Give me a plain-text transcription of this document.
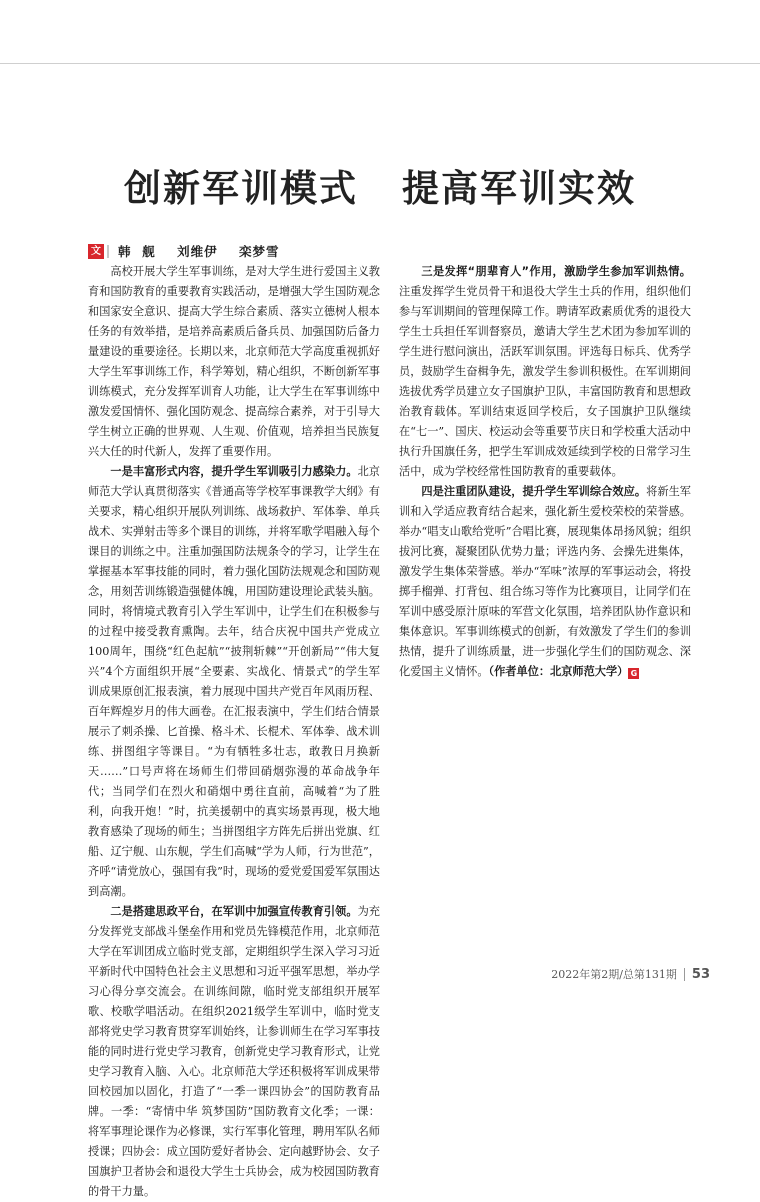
创新军训模式 提高军训实效
文 韩  舰    刘维伊    栾梦雪

高校开展大学生军事训练，是对大学生进行爱国主义教育和国防教育的重要教育实践活动，是增强大学生国防观念和国家安全意识、提高大学生综合素质、落实立德树人根本任务的有效举措，是培养高素质后备兵员、加强国防后备力量建设的重要途径。长期以来，北京师范大学高度重视抓好大学生军事训练工作，科学筹划，精心组织，不断创新军事训练模式，充分发挥军训育人功能，让大学生在军事训练中激发爱国情怀、强化国防观念、提高综合素养，对于引导大学生树立正确的世界观、人生观、价值观，培养担当民族复兴大任的时代新人，发挥了重要作用。

一是丰富形式内容，提升学生军训吸引力感染力。北京师范大学认真贯彻落实《普通高等学校军事课教学大纲》有关要求，精心组织开展队列训练、战场救护、军体拳、单兵战术、实弹射击等多个课目的训练，并将军歌学唱融入每个课目的训练之中。注重加强国防法规条令的学习，让学生在掌握基本军事技能的同时，着力强化国防法规观念和国防观念，用刻苦训练锻造强健体魄，用国防建设理论武装头脑。同时，将情境式教育引入学生军训中，让学生们在积极参与的过程中接受教育熏陶。去年，结合庆祝中国共产党成立100周年，围绕“红色起航”“披荆斩棘”“开创新局”“伟大复兴”4个方面组织开展“全要素、实战化、情景式”的学生军训成果原创汇报表演，着力展现中国共产党百年风雨历程、百年辉煌岁月的伟大画卷。在汇报表演中，学生们结合情景展示了刺杀操、匕首操、格斗术、长棍术、军体拳、战术训练、拼图组字等课目。“为有牺牲多壮志，敢教日月换新天……”口号声将在场师生们带回硝烟弥漫的革命战争年代；当同学们在烈火和硝烟中勇往直前，高喊着“为了胜利，向我开炮！”时，抗美援朝中的真实场景再现，极大地教育感染了现场的师生；当拼图组字方阵先后拼出党旗、红船、辽宁舰、山东舰，学生们高喊“学为人师，行为世范”，齐呼“请党放心，强国有我”时，现场的爱党爱国爱军氛围达到高潮。

二是搭建思政平台，在军训中加强宣传教育引领。为充分发挥党支部战斗堡垒作用和党员先锋模范作用，北京师范大学在军训团成立临时党支部，定期组织学生深入学习习近平新时代中国特色社会主义思想和习近平强军思想，举办学习心得分享交流会。在训练间隙，临时党支部组织开展军歌、校歌学唱活动。在组织2021级学生军训中，临时党支部将党史学习教育贯穿军训始终，让参训师生在学习军事技能的同时进行党史学习教育，创新党史学习教育形式，让党史学习教育入脑、入心。北京师范大学还积极将军训成果带回校园加以固化，打造了“一季一课四协会”的国防教育品牌。一季：“寄情中华 筑梦国防”国防教育文化季；一课：将军事理论课作为必修课，实行军事化管理，聘用军队名师授课；四协会：成立国防爱好者协会、定向越野协会、女子国旗护卫者协会和退役大学生士兵协会，成为校园国防教育的骨干力量。

三是发挥“朋辈育人”作用，激励学生参加军训热情。注重发挥学生党员骨干和退役大学生士兵的作用，组织他们参与军训期间的管理保障工作。聘请军政素质优秀的退役大学生士兵担任军训督察员，邀请大学生艺术团为参加军训的学生进行慰问演出，活跃军训氛围。评选每日标兵、优秀学员，鼓励学生奋楫争先，激发学生参训积极性。在军训期间选拔优秀学员建立女子国旗护卫队，丰富国防教育和思想政治教育载体。军训结束返回学校后，女子国旗护卫队继续在“七一”、国庆、校运动会等重要节庆日和学校重大活动中执行升国旗任务，把学生军训成效延续到学校的日常学习生活中，成为学校经常性国防教育的重要载体。

四是注重团队建设，提升学生军训综合效应。将新生军训和入学适应教育结合起来，强化新生爱校荣校的荣誉感。举办“唱支山歌给党听”合唱比赛，展现集体昂扬风貌；组织拔河比赛，凝聚团队优势力量；评选内务、会操先进集体，激发学生集体荣誉感。举办“军味”浓厚的军事运动会，将投掷手榴弹、打背包、组合练习等作为比赛项目，让同学们在军训中感受原汁原味的军营文化氛围，培养团队协作意识和集体意识。军事训练模式的创新，有效激发了学生们的参训热情，提升了训练质量，进一步强化学生们的国防观念、深化爱国主义情怀。（作者单位：北京师范大学） G

2022年第2期/总第131期 53
